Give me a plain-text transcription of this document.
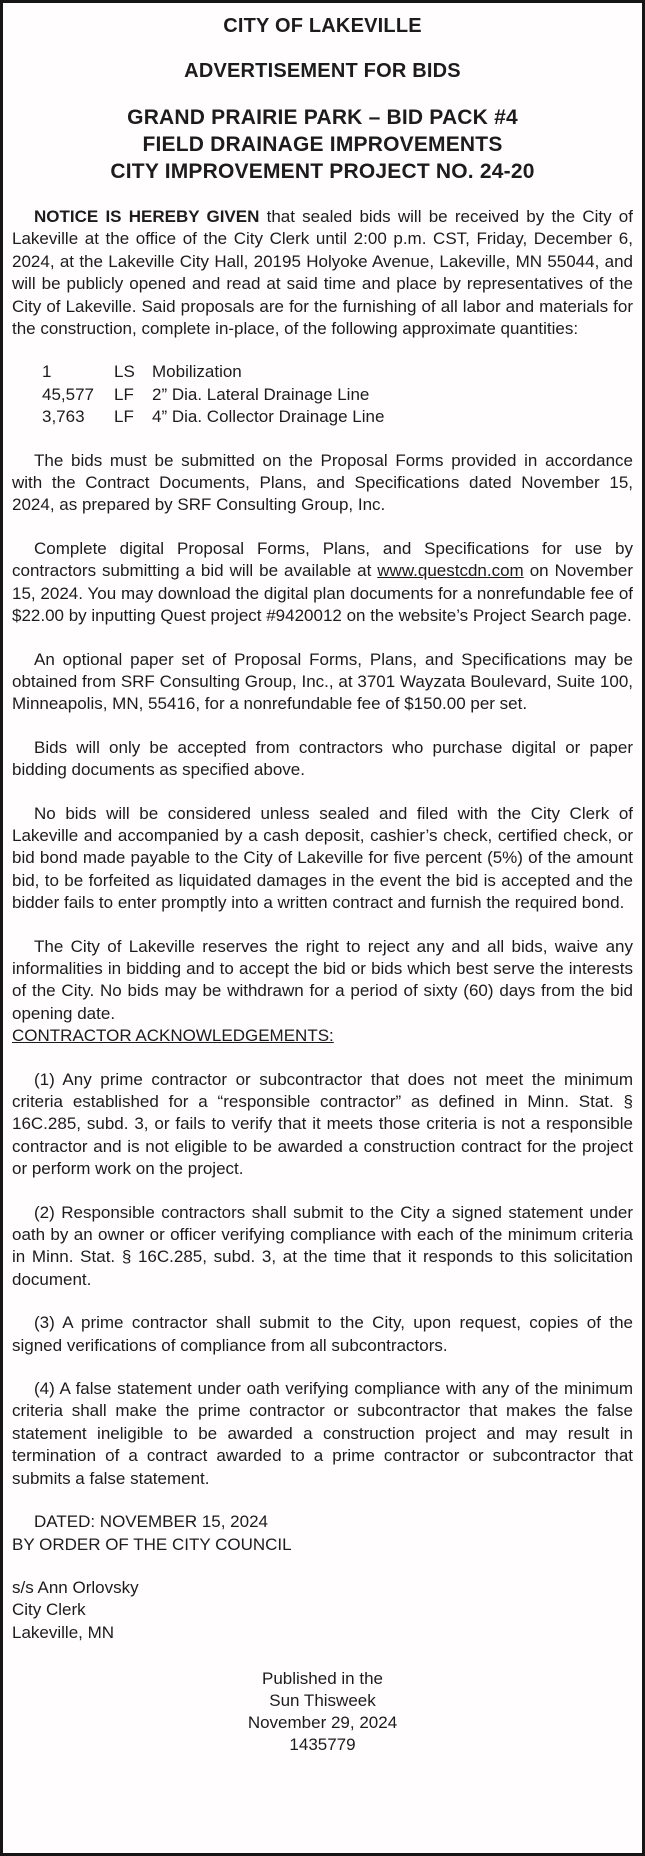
CITY OF LAKEVILLE
ADVERTISEMENT FOR BIDS
GRAND PRAIRIE PARK – BID PACK #4
FIELD DRAINAGE IMPROVEMENTS
CITY IMPROVEMENT PROJECT NO. 24-20

NOTICE IS HEREBY GIVEN that sealed bids will be received by the City of Lakeville at the office of the City Clerk until 2:00 p.m. CST, Friday, December 6, 2024, at the Lakeville City Hall, 20195 Holyoke Avenue, Lakeville, MN 55044, and will be publicly opened and read at said time and place by representatives of the City of Lakeville. Said proposals are for the furnishing of all labor and materials for the construction, complete in-place, of the following approximate quantities:

1	LS	Mobilization
45,577	LF	2” Dia. Lateral Drainage Line
3,763	LF	4” Dia. Collector Drainage Line

The bids must be submitted on the Proposal Forms provided in accordance with the Contract Documents, Plans, and Specifications dated November 15, 2024, as prepared by SRF Consulting Group, Inc.

Complete digital Proposal Forms, Plans, and Specifications for use by contractors submitting a bid will be available at www.questcdn.com on November 15, 2024. You may download the digital plan documents for a nonrefundable fee of $22.00 by inputting Quest project #9420012 on the website’s Project Search page.

An optional paper set of Proposal Forms, Plans, and Specifications may be obtained from SRF Consulting Group, Inc., at 3701 Wayzata Boulevard, Suite 100, Minneapolis, MN, 55416, for a nonrefundable fee of $150.00 per set.

Bids will only be accepted from contractors who purchase digital or paper bidding documents as specified above.

No bids will be considered unless sealed and filed with the City Clerk of Lakeville and accompanied by a cash deposit, cashier’s check, certified check, or bid bond made payable to the City of Lakeville for five percent (5%) of the amount bid, to be forfeited as liquidated damages in the event the bid is accepted and the bidder fails to enter promptly into a written contract and furnish the required bond.

The City of Lakeville reserves the right to reject any and all bids, waive any informalities in bidding and to accept the bid or bids which best serve the interests of the City. No bids may be withdrawn for a period of sixty (60) days from the bid opening date.

CONTRACTOR ACKNOWLEDGEMENTS:

(1) Any prime contractor or subcontractor that does not meet the minimum criteria established for a “responsible contractor” as defined in Minn. Stat. § 16C.285, subd. 3, or fails to verify that it meets those criteria is not a responsible contractor and is not eligible to be awarded a construction contract for the project or perform work on the project.

(2) Responsible contractors shall submit to the City a signed statement under oath by an owner or officer verifying compliance with each of the minimum criteria in Minn. Stat. § 16C.285, subd. 3, at the time that it responds to this solicitation document.

(3) A prime contractor shall submit to the City, upon request, copies of the signed verifications of compliance from all subcontractors.

(4) A false statement under oath verifying compliance with any of the minimum criteria shall make the prime contractor or subcontractor that makes the false statement ineligible to be awarded a construction project and may result in termination of a contract awarded to a prime contractor or subcontractor that submits a false statement.

DATED: NOVEMBER 15, 2024
BY ORDER OF THE CITY COUNCIL
s/s Ann Orlovsky
City Clerk
Lakeville, MN
Published in the
Sun Thisweek
November 29, 2024
1435779
